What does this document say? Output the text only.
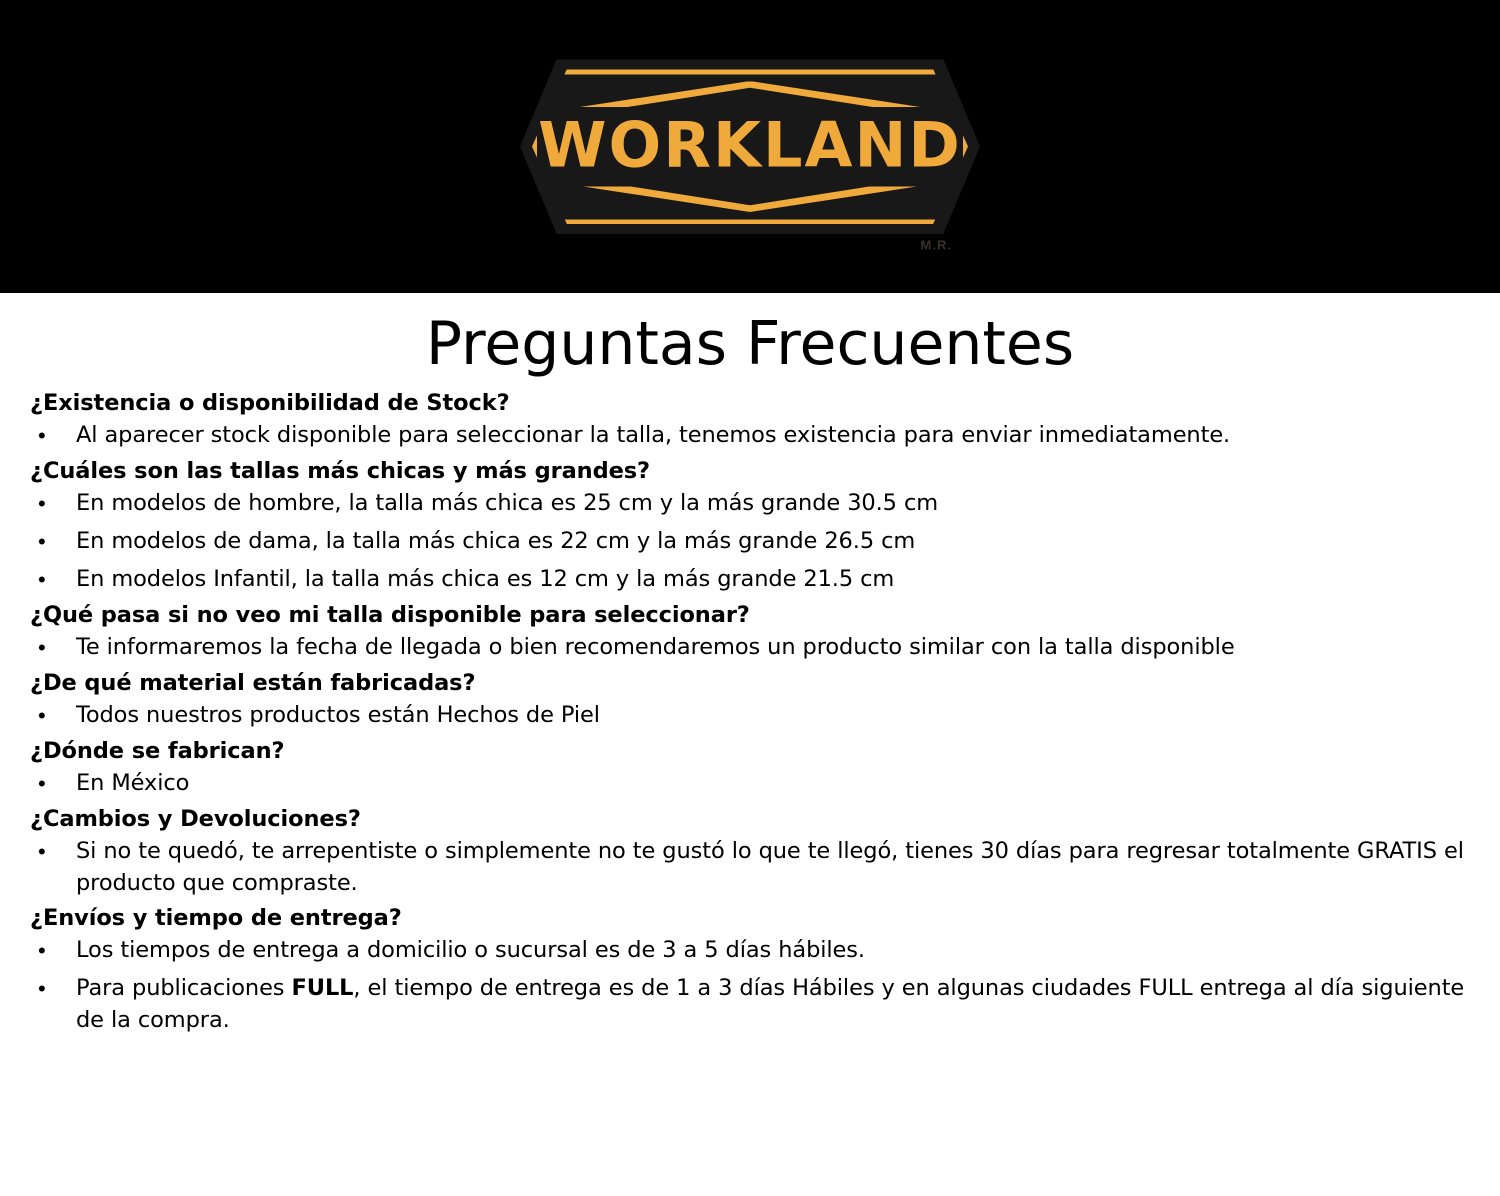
WORKLAND
M.R.
Preguntas Frecuentes
¿Existencia o disponibilidad de Stock?
•	Al aparecer stock disponible para seleccionar la talla, tenemos existencia para enviar inmediatamente.
¿Cuáles son las tallas más chicas y más grandes?
•	En modelos de hombre, la talla más chica es 25 cm y la más grande 30.5 cm
•	En modelos de dama, la talla más chica es 22 cm y la más grande 26.5 cm
•	En modelos Infantil, la talla más chica es 12 cm y la más grande 21.5 cm
¿Qué pasa si no veo mi talla disponible para seleccionar?
•	Te informaremos la fecha de llegada o bien recomendaremos un producto similar con la talla disponible
¿De qué material están fabricadas?
•	Todos nuestros productos están Hechos de Piel
¿Dónde se fabrican?
•	En México
¿Cambios y Devoluciones?
•	Si no te quedó, te arrepentiste o simplemente no te gustó lo que te llegó, tienes 30 días para regresar totalmente GRATIS el producto que compraste.
¿Envíos y tiempo de entrega?
•	Los tiempos de entrega a domicilio o sucursal es de 3 a 5 días hábiles.
•	Para publicaciones FULL, el tiempo de entrega es de 1 a 3 días Hábiles y en algunas ciudades FULL entrega al día siguiente de la compra.
